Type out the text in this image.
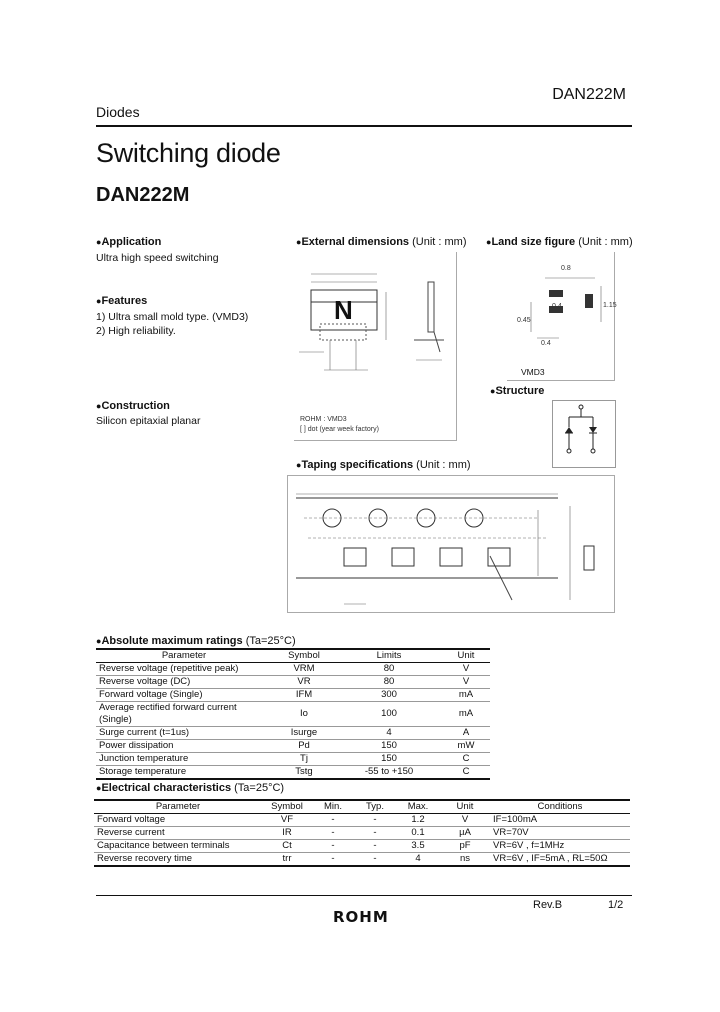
DAN222M
Diodes
Switching diode
DAN222M
●Application
Ultra high speed switching
●Features
1) Ultra small mold type. (VMD3)
2) High reliability.
●Construction
Silicon epitaxial planar
●External dimensions (Unit : mm)
N
ROHM : VMD3
[ ] dot (year week factory)
●Land size figure (Unit : mm)
0.8
0.4
0.45
0.4
1.15
VMD3
●Structure
●Taping specifications (Unit : mm)
●Absolute maximum ratings (Ta=25°C)
Parameter	Symbol	Limits	Unit
Reverse voltage (repetitive peak)	VRM	80	V
Reverse voltage (DC)	VR	80	V
Forward voltage (Single)	IFM	300	mA
Average rectified forward current (Single)	Io	100	mA
Surge current (t=1us)	Isurge	4	A
Power dissipation	Pd	150	mW
Junction temperature	Tj	150	C
Storage temperature	Tstg	-55 to +150	C
●Electrical characteristics (Ta=25°C)
Parameter	Symbol	Min.	Typ.	Max.	Unit	Conditions
Forward voltage	VF	-	-	1.2	V	IF=100mA
Reverse current	IR	-	-	0.1	µA	VR=70V
Capacitance between terminals	Ct	-	-	3.5	pF	VR=6V , f=1MHz
Reverse recovery time	trr	-	-	4	ns	VR=6V , IF=5mA , RL=50Ω
Rev.B	1/2
ROHM
